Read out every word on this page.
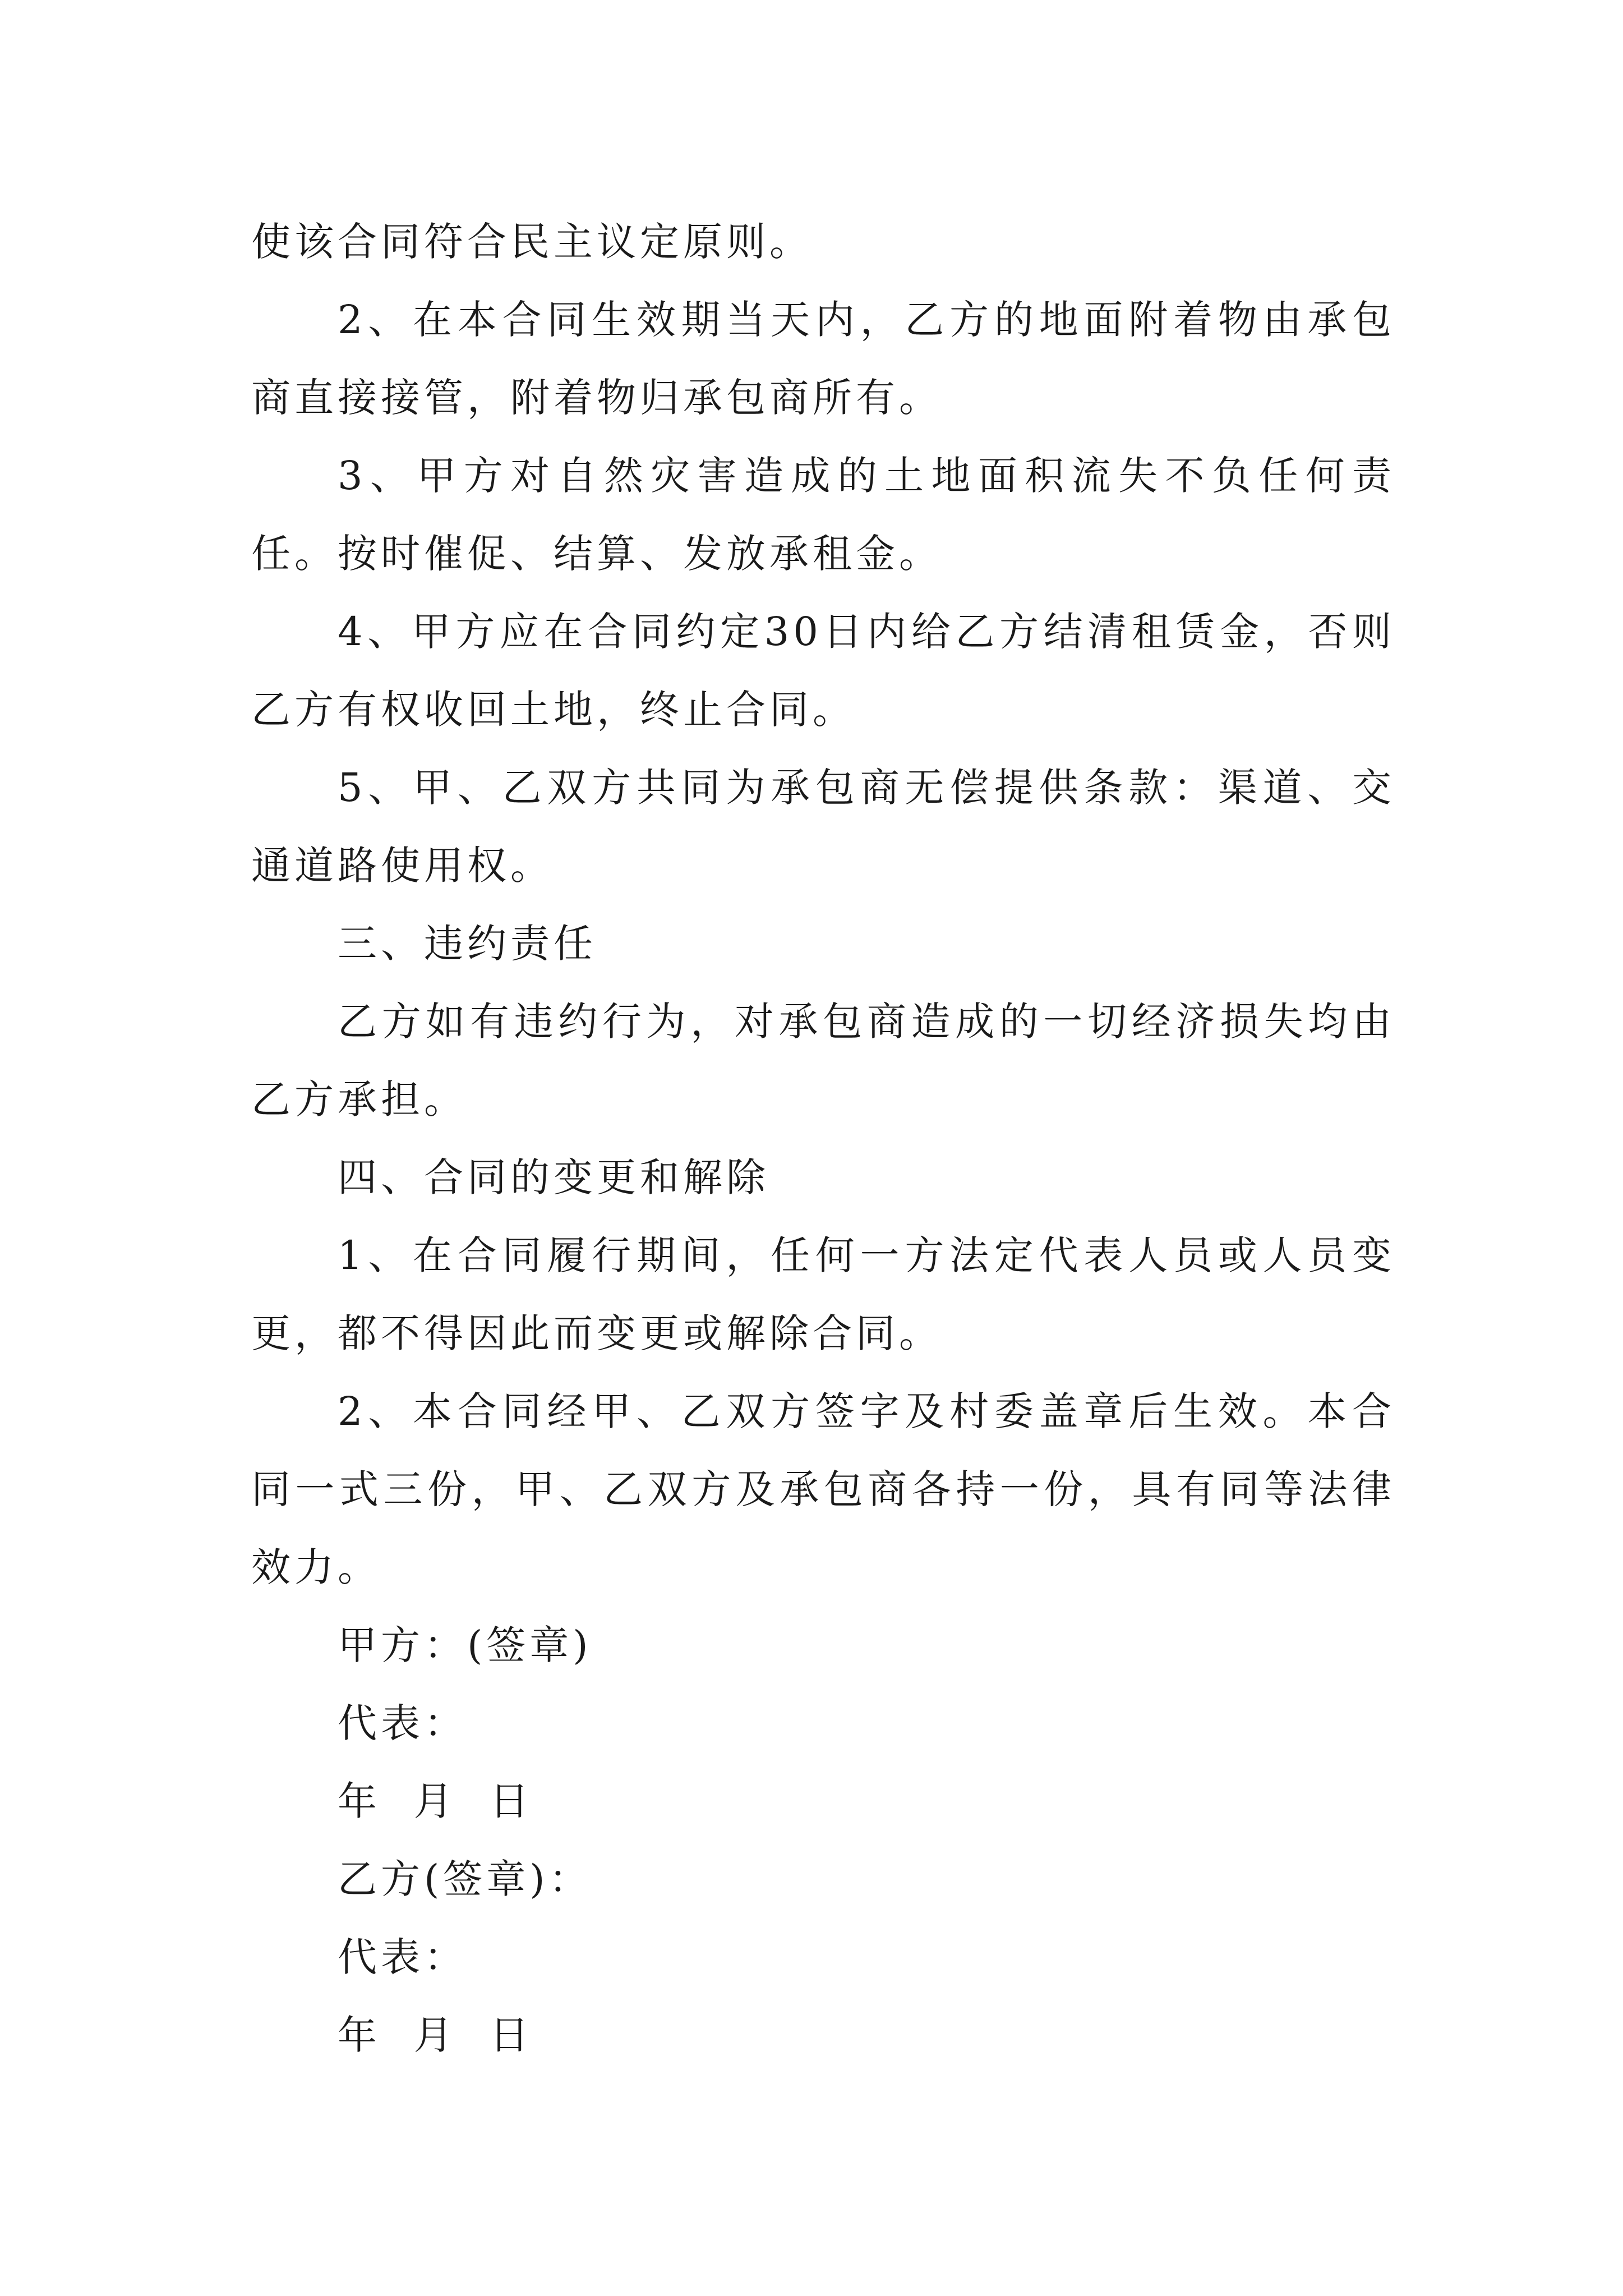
使该合同符合民主议定原则。

2、在本合同生效期当天内，乙方的地面附着物由承包商直接接管，附着物归承包商所有。

3、甲方对自然灾害造成的土地面积流失不负任何责任。按时催促、结算、发放承租金。

4、甲方应在合同约定30日内给乙方结清租赁金，否则乙方有权收回土地，终止合同。

5、甲、乙双方共同为承包商无偿提供条款：渠道、交通道路使用权。

三、违约责任

乙方如有违约行为，对承包商造成的一切经济损失均由乙方承担。

四、合同的变更和解除

1、在合同履行期间，任何一方法定代表人员或人员变更，都不得因此而变更或解除合同。

2、本合同经甲、乙双方签字及村委盖章后生效。本合同一式三份，甲、乙双方及承包商各持一份，具有同等法律效力。

甲方：(签章)

代表：

年  月  日

乙方(签章)：

代表：

年  月  日
